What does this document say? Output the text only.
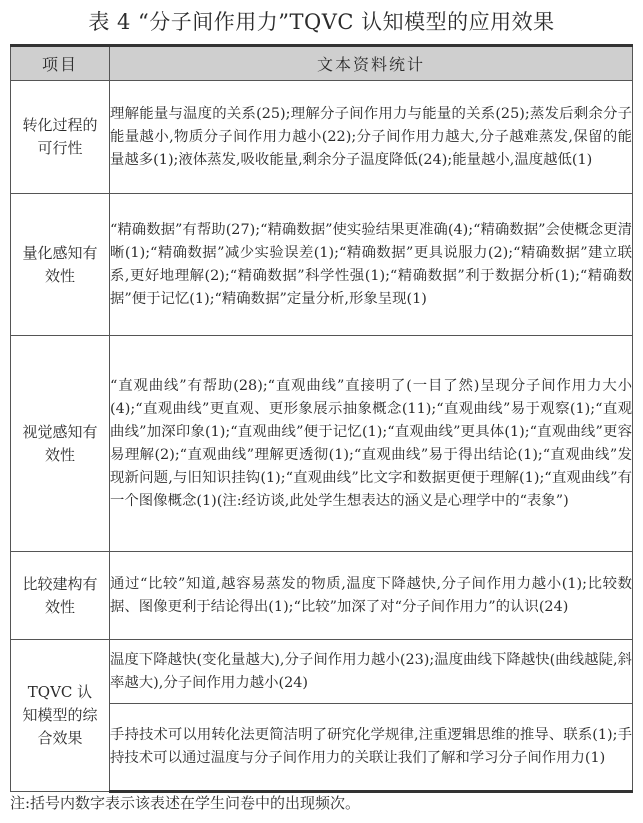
表 4 “分子间作用力”TQVC 认知模型的应用效果
项目	文本资料统计
转化过程的可行性	理解能量与温度的关系(25);理解分子间作用力与能量的关系(25);蒸发后剩余分子能量越小,物质分子间作用力越小(22);分子间作用力越大,分子越难蒸发,保留的能量越多(1);液体蒸发,吸收能量,剩余分子温度降低(24);能量越小,温度越低(1)
量化感知有效性	“精确数据”有帮助(27);“精确数据”使实验结果更准确(4);“精确数据”会使概念更清晰(1);“精确数据”减少实验误差(1);“精确数据”更具说服力(2);“精确数据”建立联系,更好地理解(2);“精确数据”科学性强(1);“精确数据”利于数据分析(1);“精确数据”便于记忆(1);“精确数据”定量分析,形象呈现(1)
视觉感知有效性	“直观曲线”有帮助(28);“直观曲线”直接明了(一目了然)呈现分子间作用力大小(4);“直观曲线”更直观、更形象展示抽象概念(11);“直观曲线”易于观察(1);“直观曲线”加深印象(1);“直观曲线”便于记忆(1);“直观曲线”更具体(1);“直观曲线”更容易理解(2);“直观曲线”理解更透彻(1);“直观曲线”易于得出结论(1);“直观曲线”发现新问题,与旧知识挂钩(1);“直观曲线”比文字和数据更便于理解(1);“直观曲线”有一个图像概念(1)(注:经访谈,此处学生想表达的涵义是心理学中的“表象”)
比较建构有效性	通过“比较”知道,越容易蒸发的物质,温度下降越快,分子间作用力越小(1);比较数据、图像更利于结论得出(1);“比较”加深了对“分子间作用力”的认识(24)
TQVC 认知模型的综合效果	温度下降越快(变化量越大),分子间作用力越小(23);温度曲线下降越快(曲线越陡,斜率越大),分子间作用力越小(24)
	手持技术可以用转化法更简洁明了研究化学规律,注重逻辑思维的推导、联系(1);手持技术可以通过温度与分子间作用力的关联让我们了解和学习分子间作用力(1)
注:括号内数字表示该表述在学生问卷中的出现频次。
